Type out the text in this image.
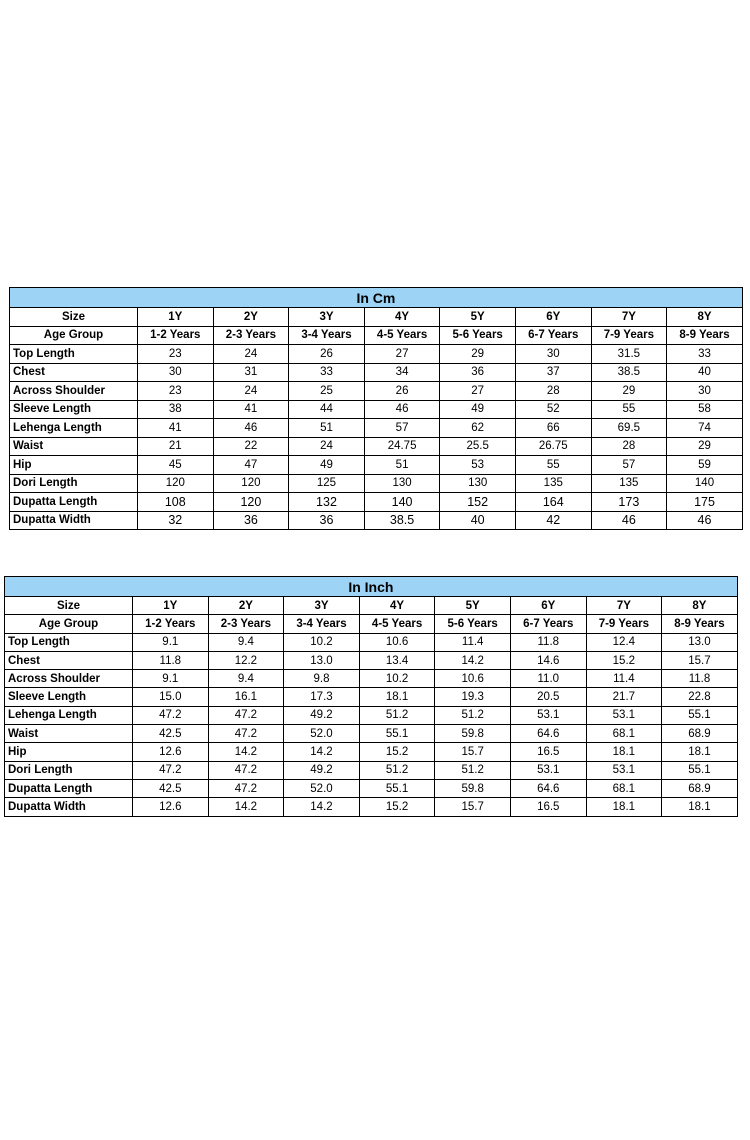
In Cm								
Size	1Y	2Y	3Y	4Y	5Y	6Y	7Y	8Y
Age Group	1-2 Years	2-3 Years	3-4 Years	4-5 Years	5-6 Years	6-7 Years	7-9 Years	8-9 Years
Top Length	23	24	26	27	29	30	31.5	33
Chest	30	31	33	34	36	37	38.5	40
Across Shoulder	23	24	25	26	27	28	29	30
Sleeve Length	38	41	44	46	49	52	55	58
Lehenga Length	41	46	51	57	62	66	69.5	74
Waist	21	22	24	24.75	25.5	26.75	28	29
Hip	45	47	49	51	53	55	57	59
Dori Length	120	120	125	130	130	135	135	140
Dupatta Length	108	120	132	140	152	164	173	175
Dupatta Width	32	36	36	38.5	40	42	46	46
In Inch								
Size	1Y	2Y	3Y	4Y	5Y	6Y	7Y	8Y
Age Group	1-2 Years	2-3 Years	3-4 Years	4-5 Years	5-6 Years	6-7 Years	7-9 Years	8-9 Years
Top Length	9.1	9.4	10.2	10.6	11.4	11.8	12.4	13.0
Chest	11.8	12.2	13.0	13.4	14.2	14.6	15.2	15.7
Across Shoulder	9.1	9.4	9.8	10.2	10.6	11.0	11.4	11.8
Sleeve Length	15.0	16.1	17.3	18.1	19.3	20.5	21.7	22.8
Lehenga Length	47.2	47.2	49.2	51.2	51.2	53.1	53.1	55.1
Waist	42.5	47.2	52.0	55.1	59.8	64.6	68.1	68.9
Hip	12.6	14.2	14.2	15.2	15.7	16.5	18.1	18.1
Dori Length	47.2	47.2	49.2	51.2	51.2	53.1	53.1	55.1
Dupatta Length	42.5	47.2	52.0	55.1	59.8	64.6	68.1	68.9
Dupatta Width	12.6	14.2	14.2	15.2	15.7	16.5	18.1	18.1
